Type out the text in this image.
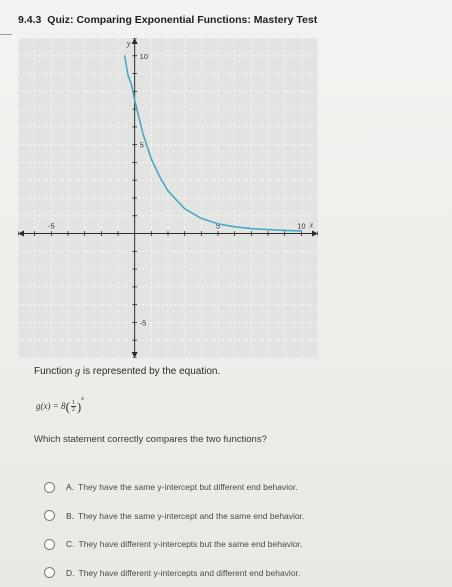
9.4.3 Quiz: Comparing Exponential Functions: Mastery Test
-5	5	10
10
5
-5
x
y
Function g is represented by the equation.
$g(x) = 8( \frac{1}{2} )^x$
Which statement correctly compares the two functions?
A. They have the same y-intercept but different end behavior.
B. They have the same y-intercept and the same end behavior.
C. They have different y-intercepts but the same end behavior.
D. They have different y-intercepts and different end behavior.
